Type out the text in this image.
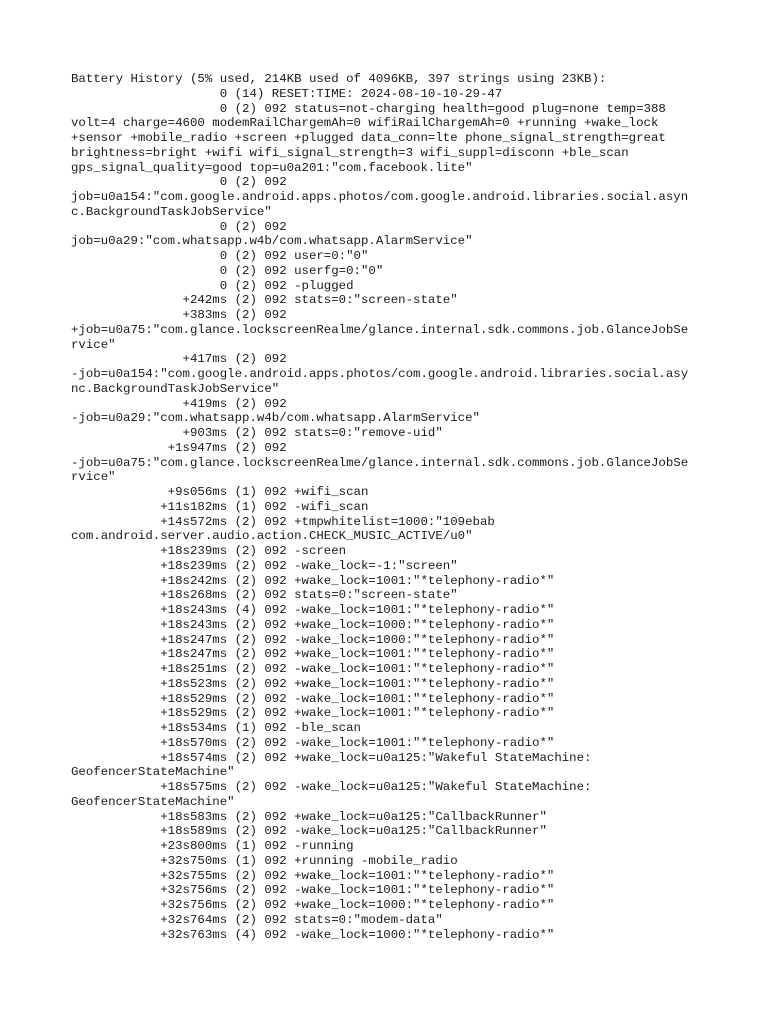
Battery History (5% used, 214KB used of 4096KB, 397 strings using 23KB):
0 (14) RESET:TIME: 2024-08-10-10-29-47
0 (2) 092 status=not-charging health=good plug=none temp=388
volt=4 charge=4600 modemRailChargemAh=0 wifiRailChargemAh=0 +running +wake_lock
+sensor +mobile_radio +screen +plugged data_conn=lte phone_signal_strength=great
brightness=bright +wifi wifi_signal_strength=3 wifi_suppl=disconn +ble_scan
gps_signal_quality=good top=u0a201:"com.facebook.lite"
0 (2) 092
job=u0a154:"com.google.android.apps.photos/com.google.android.libraries.social.asyn
c.BackgroundTaskJobService"
0 (2) 092
job=u0a29:"com.whatsapp.w4b/com.whatsapp.AlarmService"
0 (2) 092 user=0:"0"
0 (2) 092 userfg=0:"0"
0 (2) 092 -plugged
+242ms (2) 092 stats=0:"screen-state"
+383ms (2) 092
+job=u0a75:"com.glance.lockscreenRealme/glance.internal.sdk.commons.job.GlanceJobSe
rvice"
+417ms (2) 092
-job=u0a154:"com.google.android.apps.photos/com.google.android.libraries.social.asy
nc.BackgroundTaskJobService"
+419ms (2) 092
-job=u0a29:"com.whatsapp.w4b/com.whatsapp.AlarmService"
+903ms (2) 092 stats=0:"remove-uid"
+1s947ms (2) 092
-job=u0a75:"com.glance.lockscreenRealme/glance.internal.sdk.commons.job.GlanceJobSe
rvice"
+9s056ms (1) 092 +wifi_scan
+11s182ms (1) 092 -wifi_scan
+14s572ms (2) 092 +tmpwhitelist=1000:"109ebab
com.android.server.audio.action.CHECK_MUSIC_ACTIVE/u0"
+18s239ms (2) 092 -screen
+18s239ms (2) 092 -wake_lock=-1:"screen"
+18s242ms (2) 092 +wake_lock=1001:"*telephony-radio*"
+18s268ms (2) 092 stats=0:"screen-state"
+18s243ms (4) 092 -wake_lock=1001:"*telephony-radio*"
+18s243ms (2) 092 +wake_lock=1000:"*telephony-radio*"
+18s247ms (2) 092 -wake_lock=1000:"*telephony-radio*"
+18s247ms (2) 092 +wake_lock=1001:"*telephony-radio*"
+18s251ms (2) 092 -wake_lock=1001:"*telephony-radio*"
+18s523ms (2) 092 +wake_lock=1001:"*telephony-radio*"
+18s529ms (2) 092 -wake_lock=1001:"*telephony-radio*"
+18s529ms (2) 092 +wake_lock=1001:"*telephony-radio*"
+18s534ms (1) 092 -ble_scan
+18s570ms (2) 092 -wake_lock=1001:"*telephony-radio*"
+18s574ms (2) 092 +wake_lock=u0a125:"Wakeful StateMachine:
GeofencerStateMachine"
+18s575ms (2) 092 -wake_lock=u0a125:"Wakeful StateMachine:
GeofencerStateMachine"
+18s583ms (2) 092 +wake_lock=u0a125:"CallbackRunner"
+18s589ms (2) 092 -wake_lock=u0a125:"CallbackRunner"
+23s800ms (1) 092 -running
+32s750ms (1) 092 +running -mobile_radio
+32s755ms (2) 092 +wake_lock=1001:"*telephony-radio*"
+32s756ms (2) 092 -wake_lock=1001:"*telephony-radio*"
+32s756ms (2) 092 +wake_lock=1000:"*telephony-radio*"
+32s764ms (2) 092 stats=0:"modem-data"
+32s763ms (4) 092 -wake_lock=1000:"*telephony-radio*"
